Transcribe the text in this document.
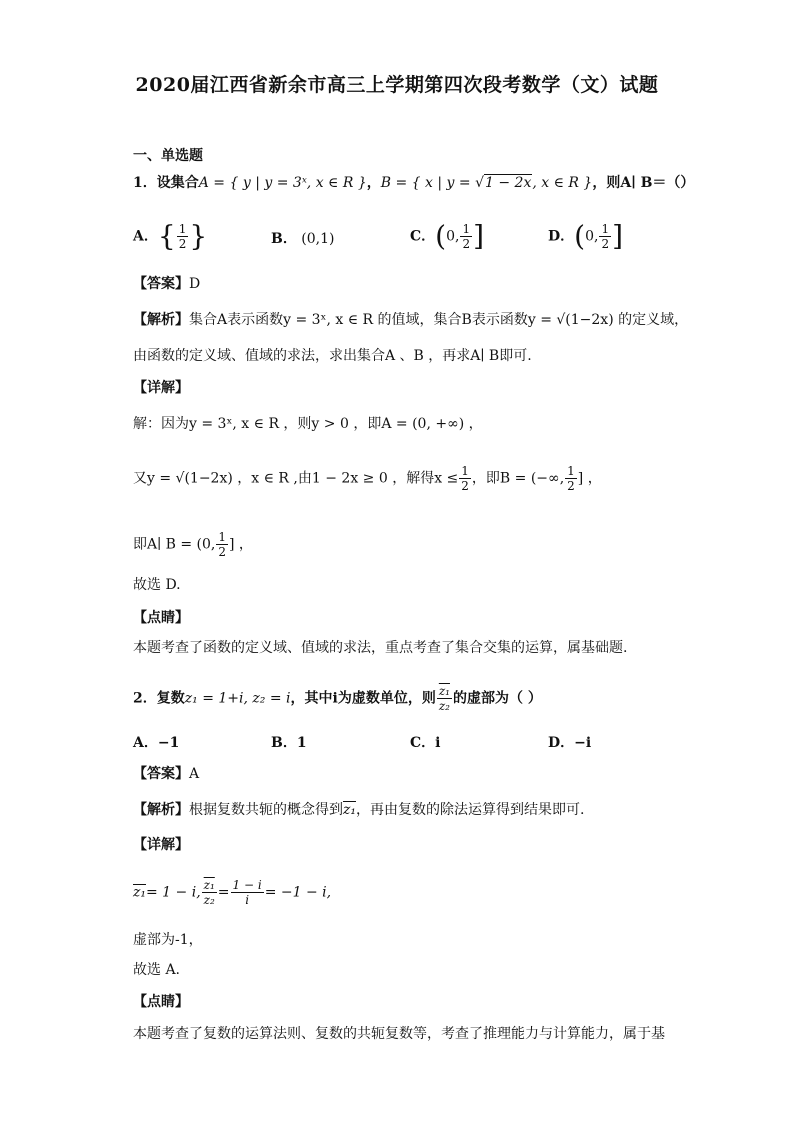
2020届江西省新余市高三上学期第四次段考数学（文）试题
一、单选题
1．设集合A = { y | y = 3ˣ, x ∈ R }，B = { x | y = √1 − 2x, x ∈ R }，则A∣ B＝（）
A．{ $\frac{1}{2}$ }	B． (0,1)	C．(0, $\frac{1}{2}$ ]	D．(0, $\frac{1}{2}$ ]
【答案】D
【解析】集合A表示函数y = 3ˣ, x ∈ R 的值域，集合B表示函数y = √(1−2x) 的定义域，
由函数的定义域、值域的求法，求出集合A 、B ，再求A∣ B即可.
【详解】
解：因为y = 3ˣ, x ∈ R ，则y > 0 ，即A = (0, +∞) ，
又y = √(1−2x) ，x ∈ R ,由1 − 2x ≥ 0 ，解得$x \le \frac{1}{2}$ ，即B = (−∞, $\frac{1}{2}$ ] ，
即A∣ B = (0, $\frac{1}{2}$ ] ，
故选 D.
【点睛】
本题考查了函数的定义域、值域的求法，重点考查了集合交集的运算，属基础题.
2．复数z₁ = 1+i, z₂ = i，其中i为虚数单位，则 $\frac{\text{z₁}}{\text{z₂}}$ 的虚部为（ ）
A．−1	B．1	C．i	D．−i
【答案】A
【解析】根据复数共轭的概念得到z₁，再由复数的除法运算得到结果即可.
【详解】
z₁= 1 − i, $\frac{\text{z₁}}{\text{z₂}} = \frac{1 - i}{i} = -1 - i$,
虚部为-1，
故选 A.
【点睛】
本题考查了复数的运算法则、复数的共轭复数等，考查了推理能力与计算能力，属于基
